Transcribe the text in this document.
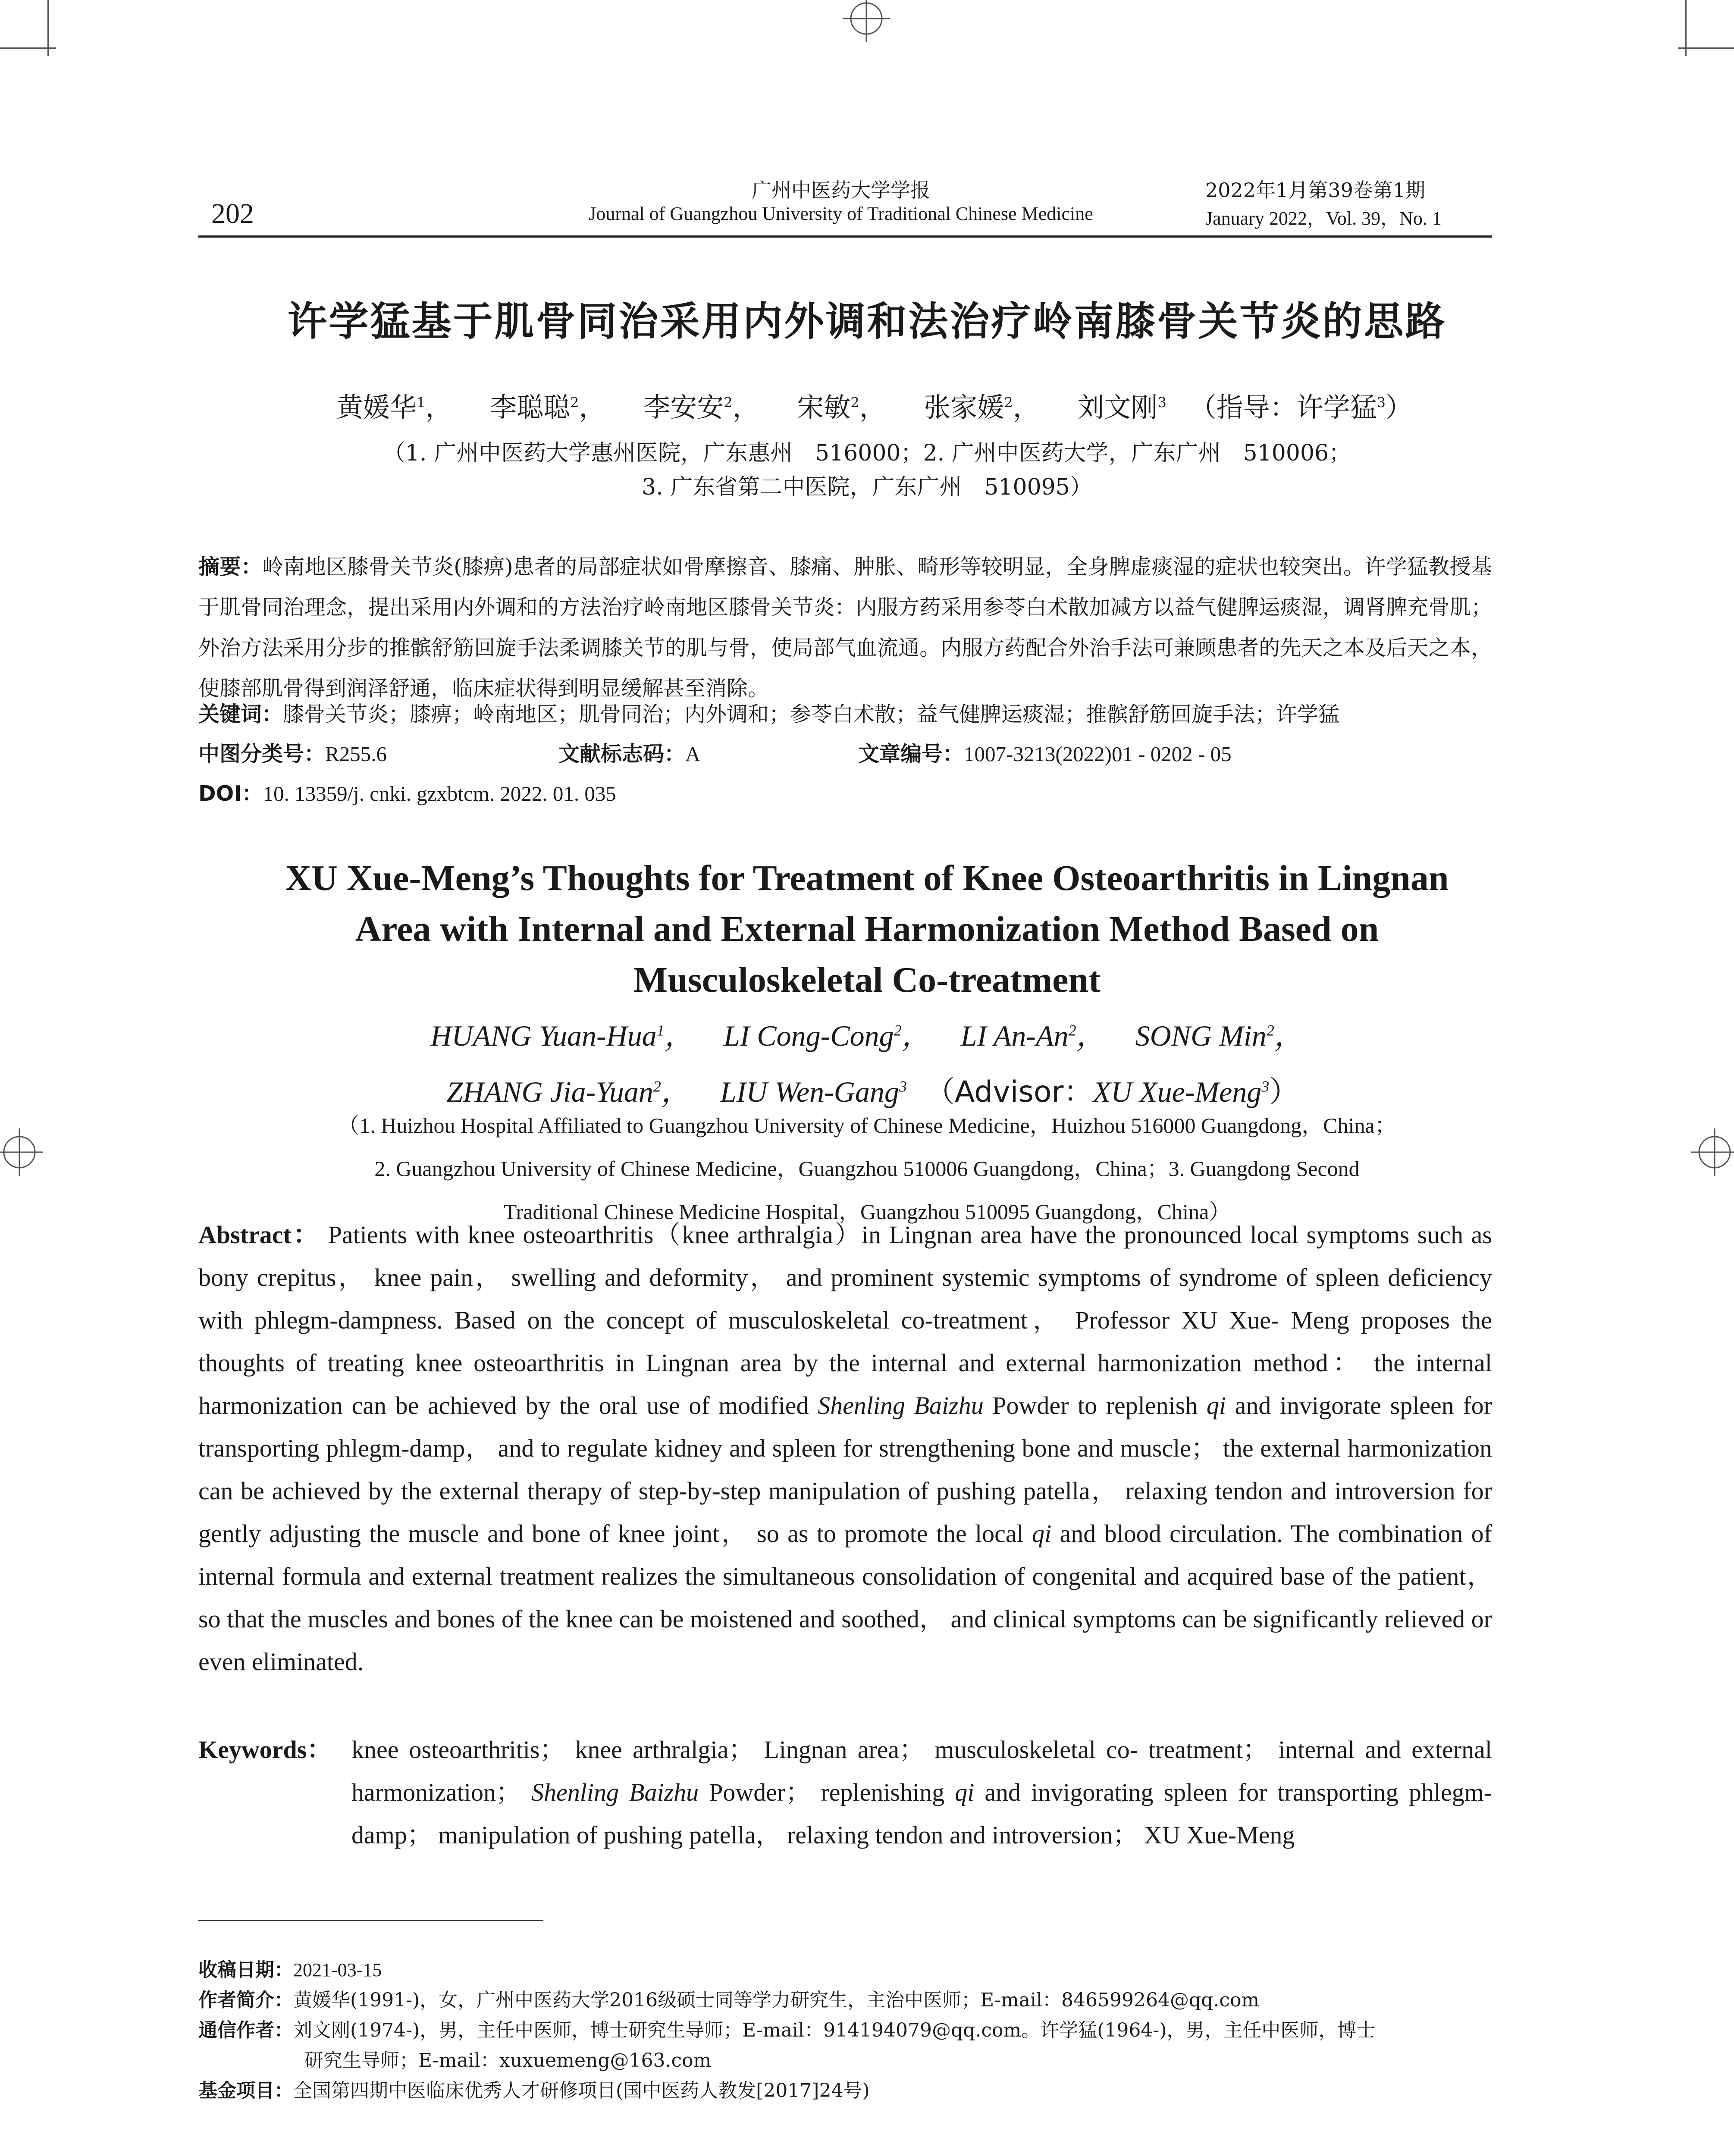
202
广州中医药大学学报
Journal of Guangzhou University of Traditional Chinese Medicine
2022年1月第39卷第1期
January 2022，Vol. 39，No. 1
许学猛基于肌骨同治采用内外调和法治疗岭南膝骨关节炎的思路
黄媛华$^1$， 李聪聪$^2$， 李安安$^2$， 宋敏$^2$， 张家媛$^2$， 刘文刚$^3$ （指导：许学猛$^3$）
（1. 广州中医药大学惠州医院，广东惠州　516000；2. 广州中医药大学，广东广州　510006；
3. 广东省第二中医院，广东广州　510095）
摘要：岭南地区膝骨关节炎(膝痹)患者的局部症状如骨摩擦音、膝痛、肿胀、畸形等较明显，全身脾虚痰湿的症状也较突出。许学猛教授基于肌骨同治理念，提出采用内外调和的方法治疗岭南地区膝骨关节炎：内服方药采用参苓白术散加减方以益气健脾运痰湿，调肾脾充骨肌；外治方法采用分步的推髌舒筋回旋手法柔调膝关节的肌与骨，使局部气血流通。内服方药配合外治手法可兼顾患者的先天之本及后天之本，使膝部肌骨得到润泽舒通，临床症状得到明显缓解甚至消除。
关键词：膝骨关节炎；膝痹；岭南地区；肌骨同治；内外调和；参苓白术散；益气健脾运痰湿；推髌舒筋回旋手法；许学猛
中图分类号：R255.6	文献标志码：A	文章编号：1007-3213(2022)01 - 0202 - 05
DOI：10. 13359/j. cnki. gzxbtcm. 2022. 01. 035
XU Xue-Meng’s Thoughts for Treatment of Knee Osteoarthritis in Lingnan
Area with Internal and External Harmonization Method Based on
Musculoskeletal Co-treatment
HUANG Yuan-Hua$^1$， LI Cong-Cong$^2$， LI An-An$^2$， SONG Min$^2$，
ZHANG Jia-Yuan$^2$， LIU Wen-Gang$^3$ （Advisor：XU Xue-Meng$^3$）
（1. Huizhou Hospital Affiliated to Guangzhou University of Chinese Medicine，Huizhou 516000 Guangdong，China；
2. Guangzhou University of Chinese Medicine，Guangzhou 510006 Guangdong，China；3. Guangdong Second
Traditional Chinese Medicine Hospital，Guangzhou 510095 Guangdong，China）
Abstract： Patients with knee osteoarthritis（knee arthralgia）in Lingnan area have the pronounced local symptoms such as bony crepitus， knee pain， swelling and deformity， and prominent systemic symptoms of syndrome of spleen deficiency with phlegm-dampness. Based on the concept of musculoskeletal co-treatment， Professor XU Xue- Meng proposes the thoughts of treating knee osteoarthritis in Lingnan area by the internal and external harmonization method： the internal harmonization can be achieved by the oral use of modified Shenling Baizhu Powder to replenish qi and invigorate spleen for transporting phlegm-damp， and to regulate kidney and spleen for strengthening bone and muscle； the external harmonization can be achieved by the external therapy of step-by-step manipulation of pushing patella， relaxing tendon and introversion for gently adjusting the muscle and bone of knee joint， so as to promote the local qi and blood circulation. The combination of internal formula and external treatment realizes the simultaneous consolidation of congenital and acquired base of the patient， so that the muscles and bones of the knee can be moistened and soothed， and clinical symptoms can be significantly relieved or even eliminated.
Keywords： knee osteoarthritis； knee arthralgia； Lingnan area； musculoskeletal co- treatment； internal and external harmonization； Shenling Baizhu Powder； replenishing qi and invigorating spleen for transporting phlegm-damp； manipulation of pushing patella， relaxing tendon and introversion； XU Xue-Meng
收稿日期：2021-03-15
作者简介：黄媛华(1991-)，女，广州中医药大学2016级硕士同等学力研究生，主治中医师；E-mail：846599264@qq.com
通信作者：刘文刚(1974-)，男，主任中医师，博士研究生导师；E-mail：914194079@qq.com。许学猛(1964-)，男，主任中医师，博士
研究生导师；E-mail：xuxuemeng@163.com
基金项目：全国第四期中医临床优秀人才研修项目(国中医药人教发[2017]24号)
